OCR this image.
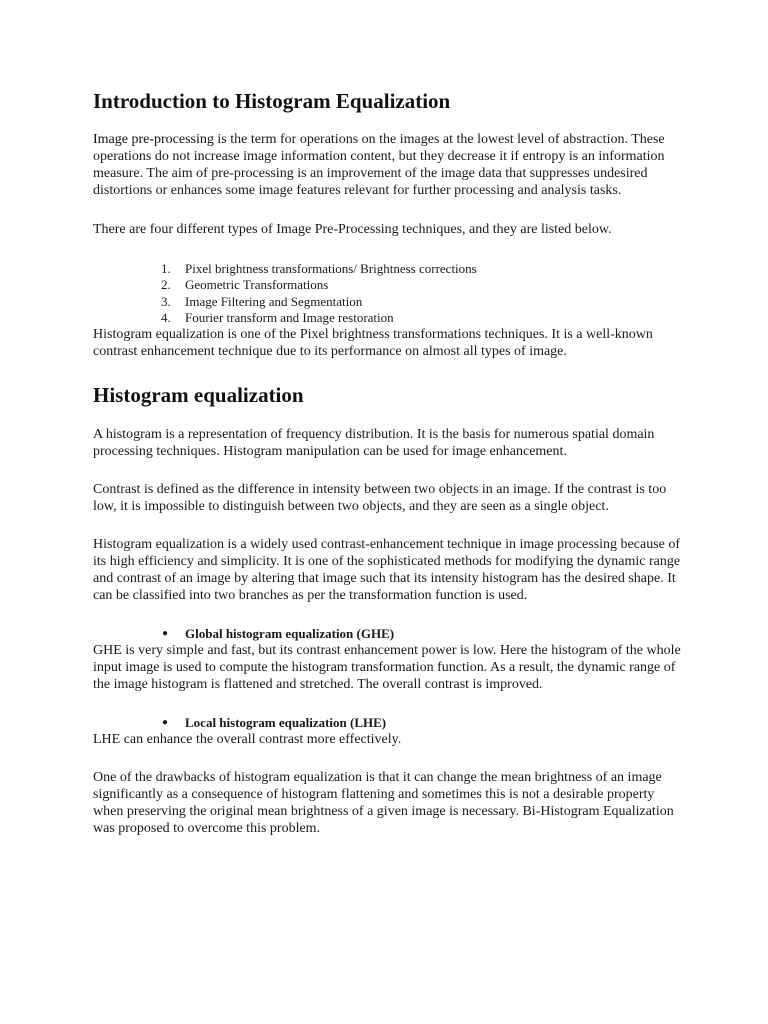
Introduction to Histogram Equalization

Image pre-processing is the term for operations on the images at the lowest level of abstraction. These operations do not increase image information content, but they decrease it if entropy is an information measure. The aim of pre-processing is an improvement of the image data that suppresses undesired distortions or enhances some image features relevant for further processing and analysis tasks.

There are four different types of Image Pre-Processing techniques, and they are listed below.

1.	Pixel brightness transformations/ Brightness corrections
2.	Geometric Transformations
3.	Image Filtering and Segmentation
4.	Fourier transform and Image restoration

Histogram equalization is one of the Pixel brightness transformations techniques. It is a well-known contrast enhancement technique due to its performance on almost all types of image.

Histogram equalization

A histogram is a representation of frequency distribution. It is the basis for numerous spatial domain processing techniques. Histogram manipulation can be used for image enhancement.

Contrast is defined as the difference in intensity between two objects in an image. If the contrast is too low, it is impossible to distinguish between two objects, and they are seen as a single object.

Histogram equalization is a widely used contrast-enhancement technique in image processing because of its high efficiency and simplicity. It is one of the sophisticated methods for modifying the dynamic range and contrast of an image by altering that image such that its intensity histogram has the desired shape. It can be classified into two branches as per the transformation function is used.

● Global histogram equalization (GHE)

GHE is very simple and fast, but its contrast enhancement power is low. Here the histogram of the whole input image is used to compute the histogram transformation function. As a result, the dynamic range of the image histogram is flattened and stretched. The overall contrast is improved.

● Local histogram equalization (LHE)

LHE can enhance the overall contrast more effectively.

One of the drawbacks of histogram equalization is that it can change the mean brightness of an image significantly as a consequence of histogram flattening and sometimes this is not a desirable property when preserving the original mean brightness of a given image is necessary. Bi-Histogram Equalization was proposed to overcome this problem.
